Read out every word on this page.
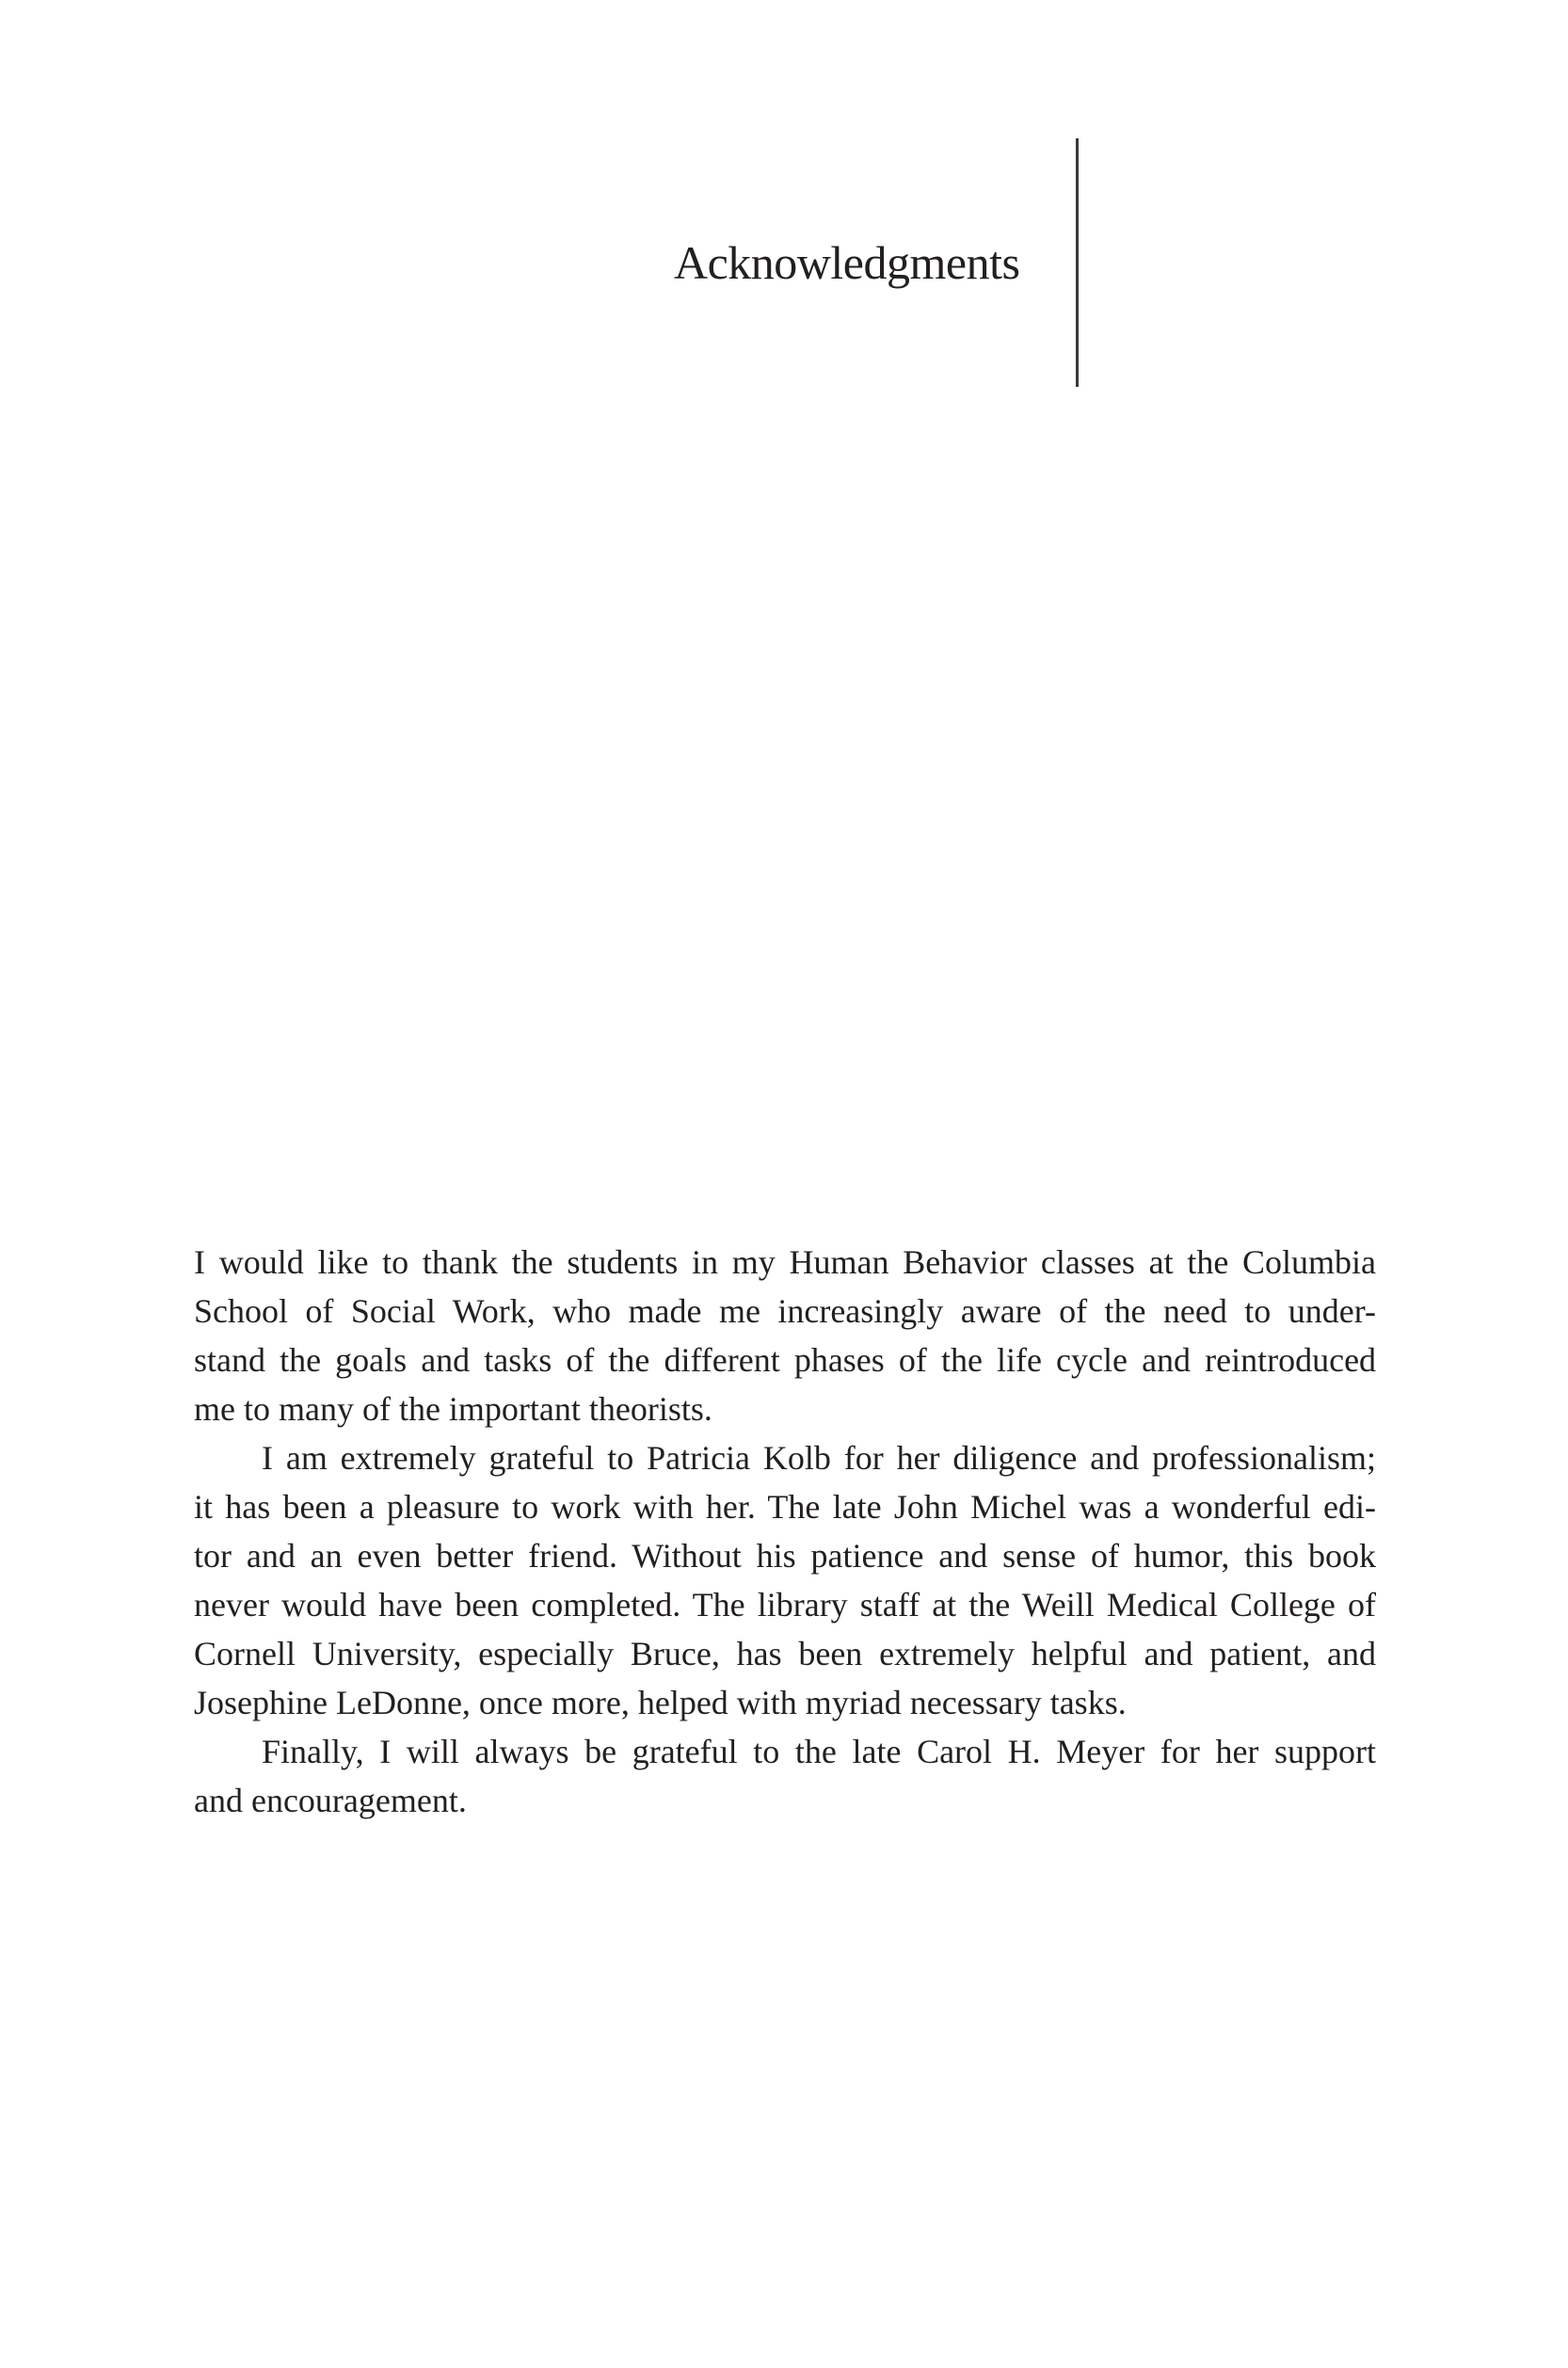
Acknowledgments
I would like to thank the students in my Human Behavior classes at the Columbia
School of Social Work, who made me increasingly aware of the need to under-
stand the goals and tasks of the different phases of the life cycle and reintroduced
me to many of the important theorists.
I am extremely grateful to Patricia Kolb for her diligence and professionalism;
it has been a pleasure to work with her. The late John Michel was a wonderful edi-
tor and an even better friend. Without his patience and sense of humor, this book
never would have been completed. The library staff at the Weill Medical College of
Cornell University, especially Bruce, has been extremely helpful and patient, and
Josephine LeDonne, once more, helped with myriad necessary tasks.
Finally, I will always be grateful to the late Carol H. Meyer for her support
and encouragement.
